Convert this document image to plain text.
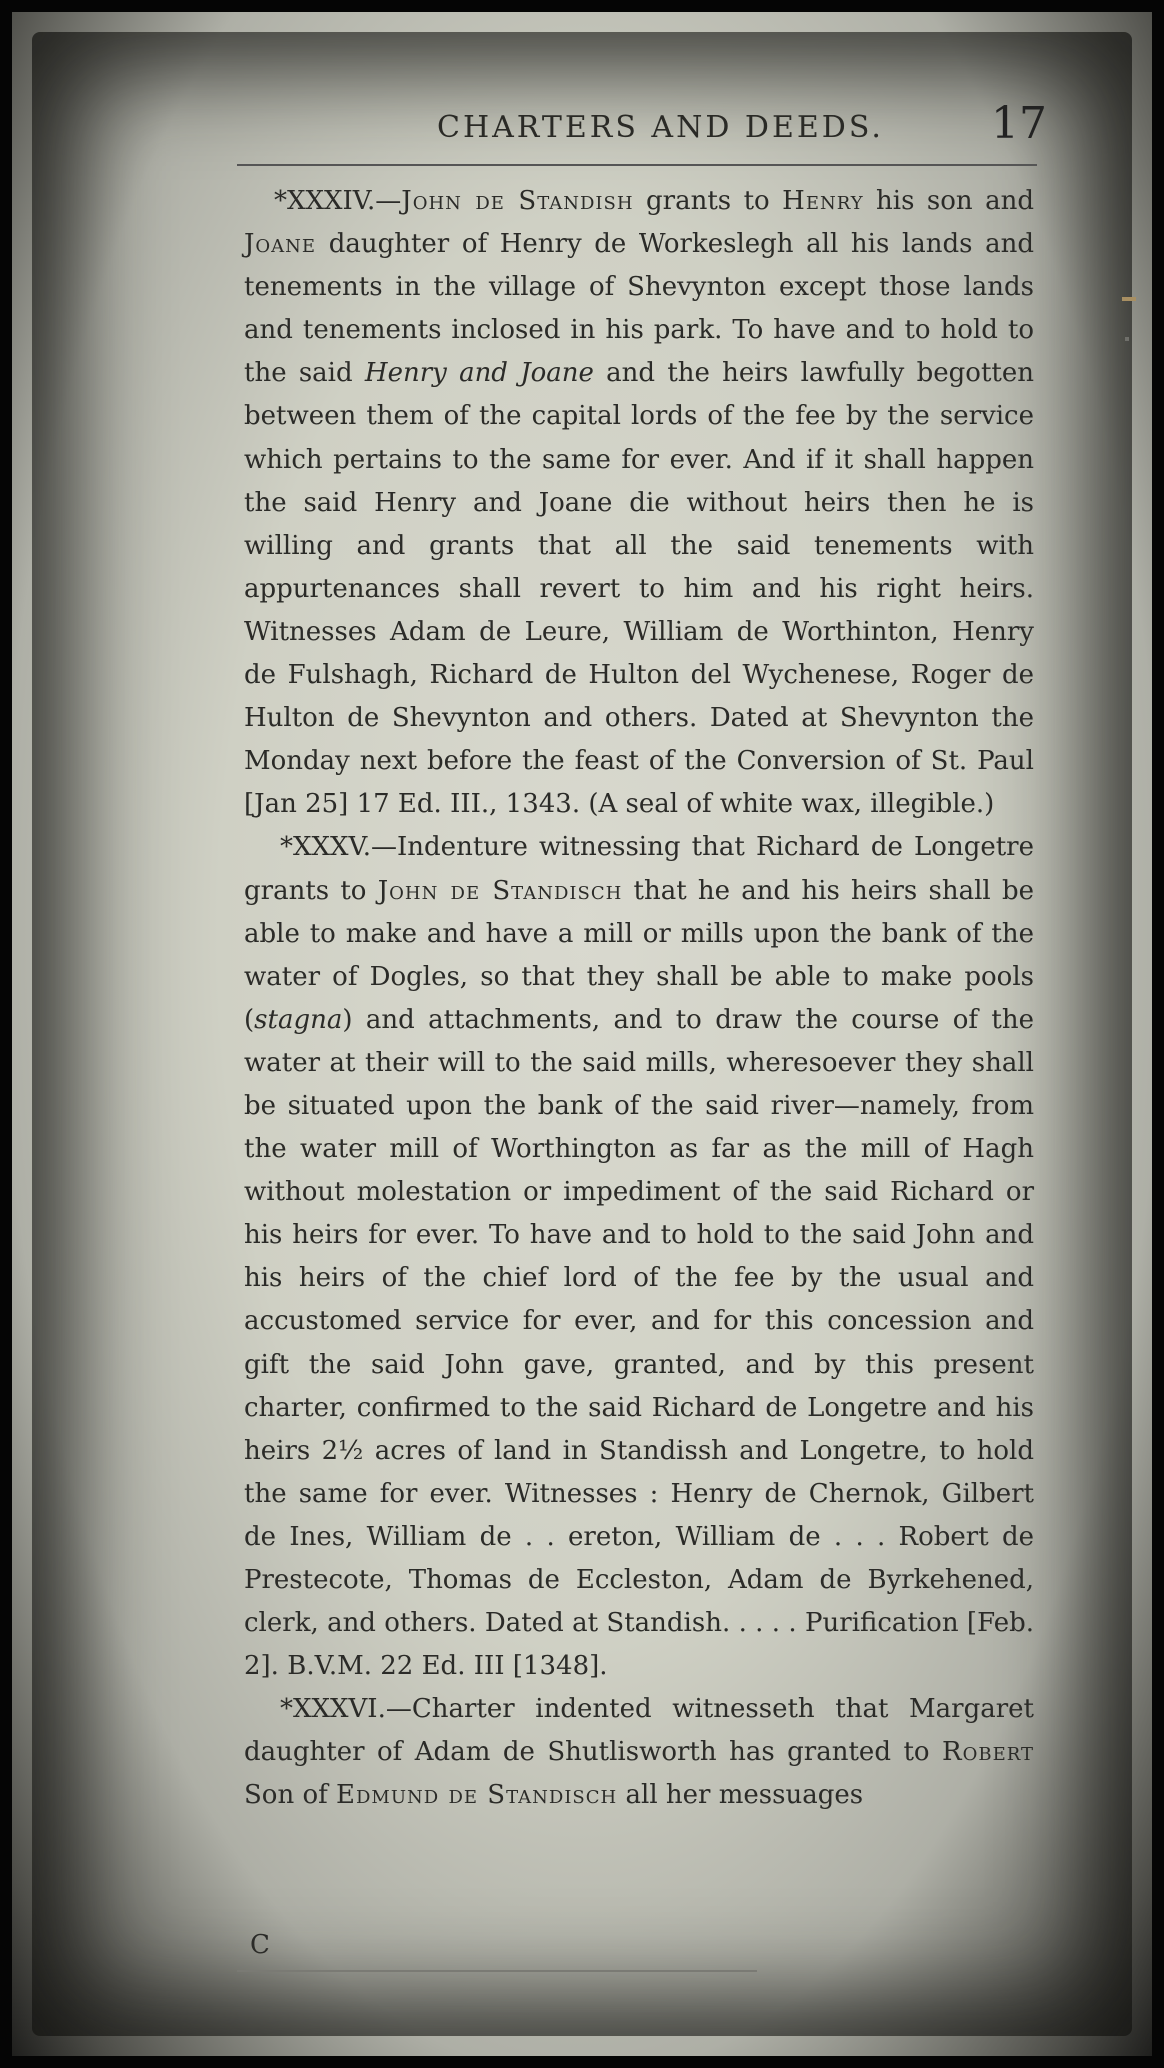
CHARTERS AND DEEDS. 17

*XXXIV.—John de Standish grants to Henry his son and Joane daughter of Henry de Workeslegh all his lands and tenements in the village of Shevynton except those lands and tenements inclosed in his park. To have and to hold to the said Henry and Joane and the heirs lawfully begotten between them of the capital lords of the fee by the service which pertains to the same for ever. And if it shall happen the said Henry and Joane die without heirs then he is willing and grants that all the said tenements with appurtenances shall revert to him and his right heirs. Witnesses Adam de Leure, William de Worthinton, Henry de Fulshagh, Richard de Hulton del Wychenese, Roger de Hulton de Shevynton and others. Dated at Shevynton the Monday next before the feast of the Conversion of St. Paul [Jan 25] 17 Ed. III., 1343. (A seal of white wax, illegible.)

*XXXV.—Indenture witnessing that Richard de Longetre grants to John de Standisch that he and his heirs shall be able to make and have a mill or mills upon the bank of the water of Dogles, so that they shall be able to make pools (stagna) and attachments, and to draw the course of the water at their will to the said mills, wheresoever they shall be situated upon the bank of the said river—namely, from the water mill of Worthington as far as the mill of Hagh without molestation or impediment of the said Richard or his heirs for ever. To have and to hold to the said John and his heirs of the chief lord of the fee by the usual and accustomed service for ever, and for this concession and gift the said John gave, granted, and by this present charter, confirmed to the said Richard de Longetre and his heirs 2½ acres of land in Standissh and Longetre, to hold the same for ever. Witnesses : Henry de Chernok, Gilbert de Ines, William de . . ereton, William de . . . Robert de Prestecote, Thomas de Eccleston, Adam de Byrkehened, clerk, and others. Dated at Standish. . . . . Purification [Feb. 2]. B.V.M. 22 Ed. III [1348].

*XXXVI.—Charter indented witnesseth that Margaret daughter of Adam de Shutlisworth has granted to Robert Son of Edmund de Standisch all her messuages

C
